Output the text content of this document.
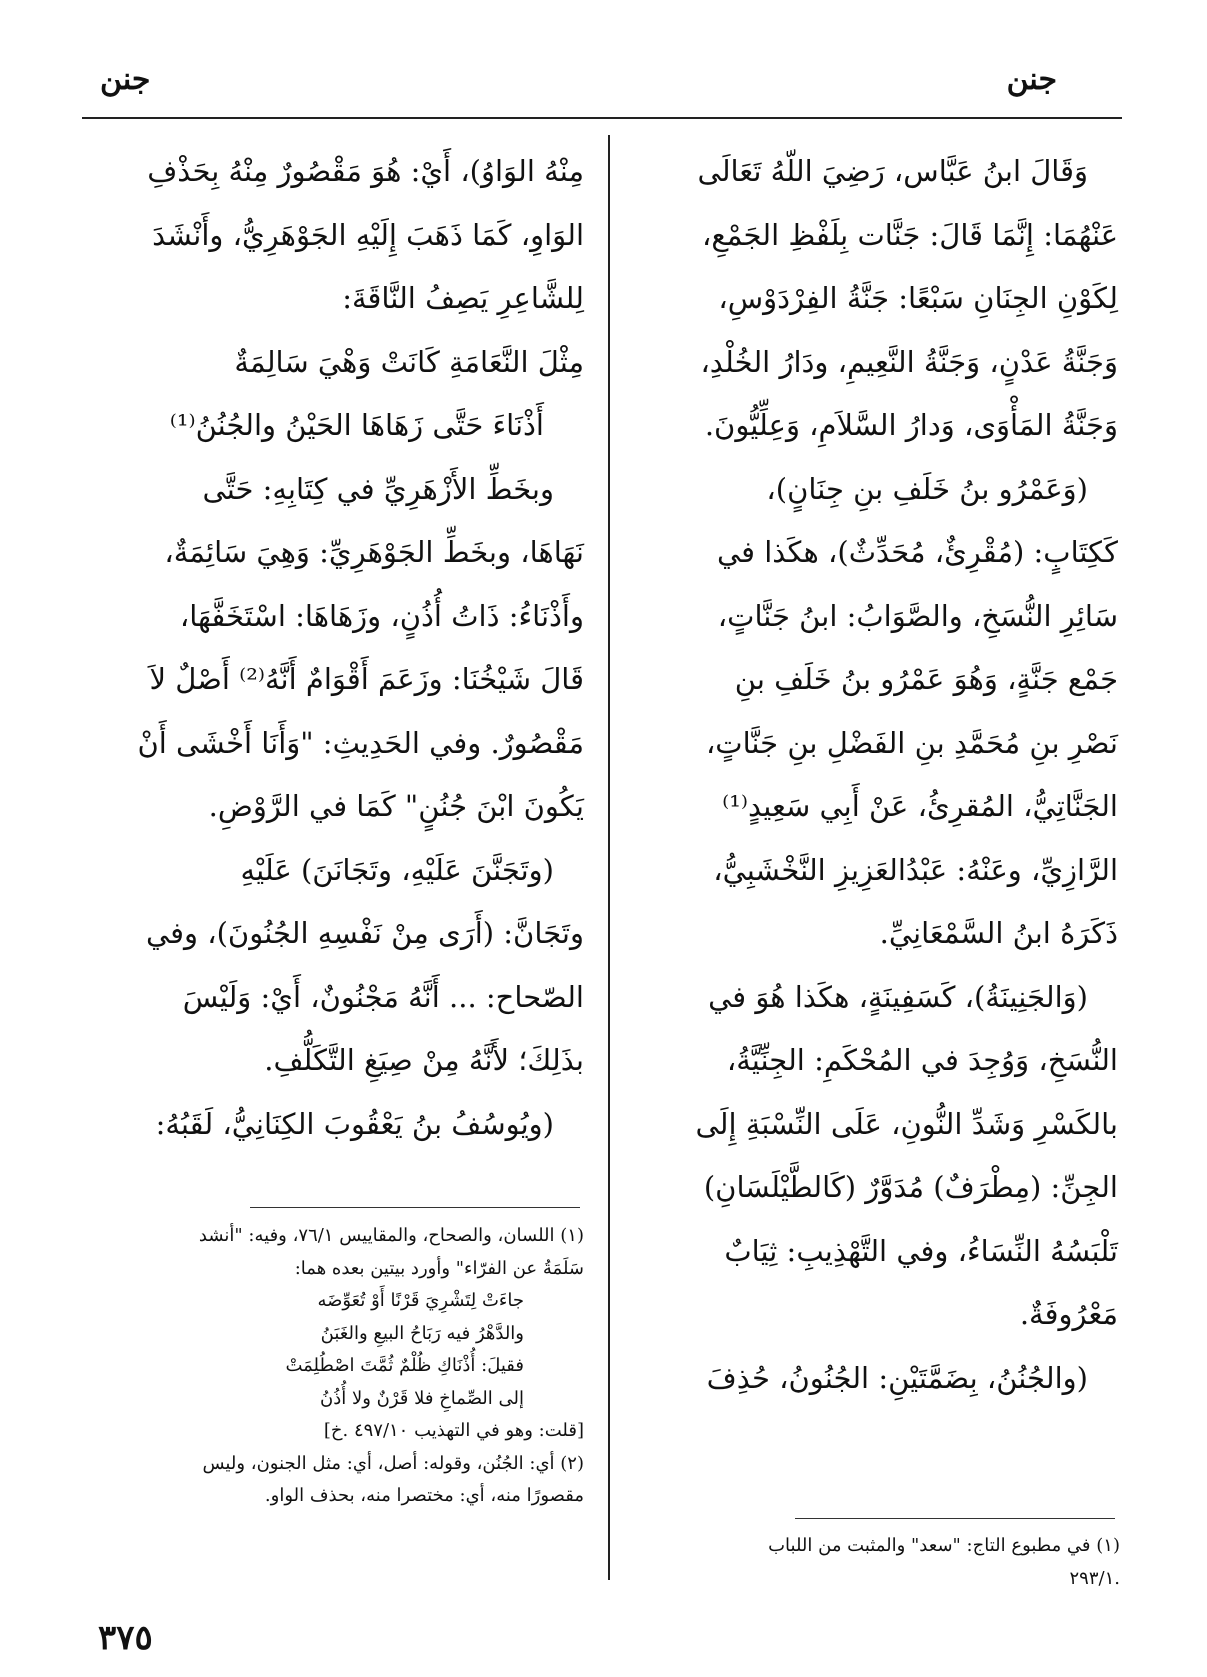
جنن
جنن

وَقَالَ ابنُ عَبَّاس، رَضِيَ اللّهُ تَعَالَى

عَنْهُمَا: إِنَّمَا قَالَ: جَنَّات بِلَفْظِ الجَمْعِ،

لِكَوْنِ الجِنَانِ سَبْعًا: جَنَّةُ الفِرْدَوْسِ،

وَجَنَّةُ عَدْنٍ، وَجَنَّةُ النَّعِيمِ، ودَارُ الخُلْدِ،

وَجَنَّةُ المَأْوَى، وَدارُ السَّلاَمِ، وَعِلِّيُّونَ.

(وَعَمْرُو بنُ خَلَفِ بنِ جِنَانٍ)،

كَكِتَابٍ: (مُقْرِئٌ، مُحَدِّثٌ)، هكَذا في

سَائِرِ النُّسَخِ، والصَّوَابُ: ابنُ جَنَّاتٍ،

جَمْع جَنَّةٍ، وَهُوَ عَمْرُو بنُ خَلَفِ بنِ

نَصْرِ بنِ مُحَمَّدِ بنِ الفَضْلِ بنِ جَنَّاتٍ،

الجَنَّاتِيُّ، المُقرِئُ، عَنْ أَبِي سَعِيدٍ⁽¹⁾

الرَّازِيِّ، وعَنْهُ: عَبْدُالعَزِيزِ النَّخْشَبِيُّ،

ذَكَرَهُ ابنُ السَّمْعَانِيِّ.

(وَالجَنِينَةُ)، كَسَفِينَةٍ، هكَذا هُوَ في

النُّسَخِ، وَوُجِدَ في المُحْكَمِ: الجِنِّيَّةُ،

بالكَسْرِ وَشَدِّ النُّونِ، عَلَى النِّسْبَةِ إِلَى

الجِنِّ: (مِطْرَفٌ) مُدَوَّرٌ (كَالطَّيْلَسَانِ)

تَلْبَسُهُ النِّسَاءُ، وفي التَّهْذِيبِ: ثِيَابٌ

مَعْرُوفَةٌ.

(والجُنُنُ، بِضَمَّتَيْنِ: الجُنُونُ، حُذِفَ

مِنْهُ الوَاوُ)، أَيْ: هُوَ مَقْصُورٌ مِنْهُ بِحَذْفِ

الوَاوِ، كَمَا ذَهَبَ إِلَيْهِ الجَوْهَرِيُّ، وأَنْشَدَ

لِلشَّاعِرِ يَصِفُ النَّاقَةَ:

مِثْلَ النَّعَامَةِ كَانَتْ وَهْيَ سَالِمَةٌ

أَذْنَاءَ حَتَّى زَهَاهَا الحَيْنُ والجُنُنُ⁽¹⁾

وبخَطِّ الأَزْهَرِيِّ في كِتَابِهِ: حَتَّى

نَهَاهَا، وبخَطِّ الجَوْهَرِيِّ: وَهِيَ سَائِمَةٌ،

وأَذْنَاءُ: ذَاتُ أُذُنٍ، وزَهَاهَا: اسْتَخَفَّهَا،

قَالَ شَيْخُنَا: وزَعَمَ أَقْوَامٌ أَنَّهُ⁽²⁾ أَصْلٌ لاَ

مَقْصُورٌ. وفي الحَدِيثِ: "وَأَنَا أَخْشَى أَنْ

يَكُونَ ابْنَ جُنُنٍ" كَمَا في الرَّوْضِ.

(وتَجَنَّنَ عَلَيْهِ، وتَجَانَنَ) عَلَيْهِ

وتَجَانَّ: (أَرَى مِنْ نَفْسِهِ الجُنُونَ)، وفي

الصّحاح: ... أَنَّهُ مَجْنُونٌ، أَيْ: وَلَيْسَ

بذَلِكَ؛ لأَنَّهُ مِنْ صِيَغِ التَّكَلُّفِ.

(ويُوسُفُ بنُ يَعْقُوبَ الكِنَانِيُّ، لَقَبُهُ:

(١) في مطبوع التاج: "سعد" والمثبت من اللباب

.٢٩٣/١

(١) اللسان، والصحاح، والمقاييس ٧٦/١، وفيه: "أنشد

سَلَمَةُ عن الفرّاء" وأورد بيتين بعده هما:

جاءَتْ لِتَشْرِيَ قَرْنًا أَوْ تُعَوِّضَه

والدَّهْرُ فيه رَبَاحُ البيعِ والغَبَنُ

فقيلَ: أُذْنَاكِ ظُلْمٌ ثُمَّتَ اصْطُلِمَتْ

إلى الصِّماخِ فلا قَرْنٌ ولا أُذُنُ

[قلت: وهو في التهذيب ٤٩٧/١٠ .خ]

(٢) أي: الجُنُن، وقوله: أصل، أي: مثل الجنون، وليس

مقصورًا منه، أي: مختصرا منه، بحذف الواو.

٣٧٥
